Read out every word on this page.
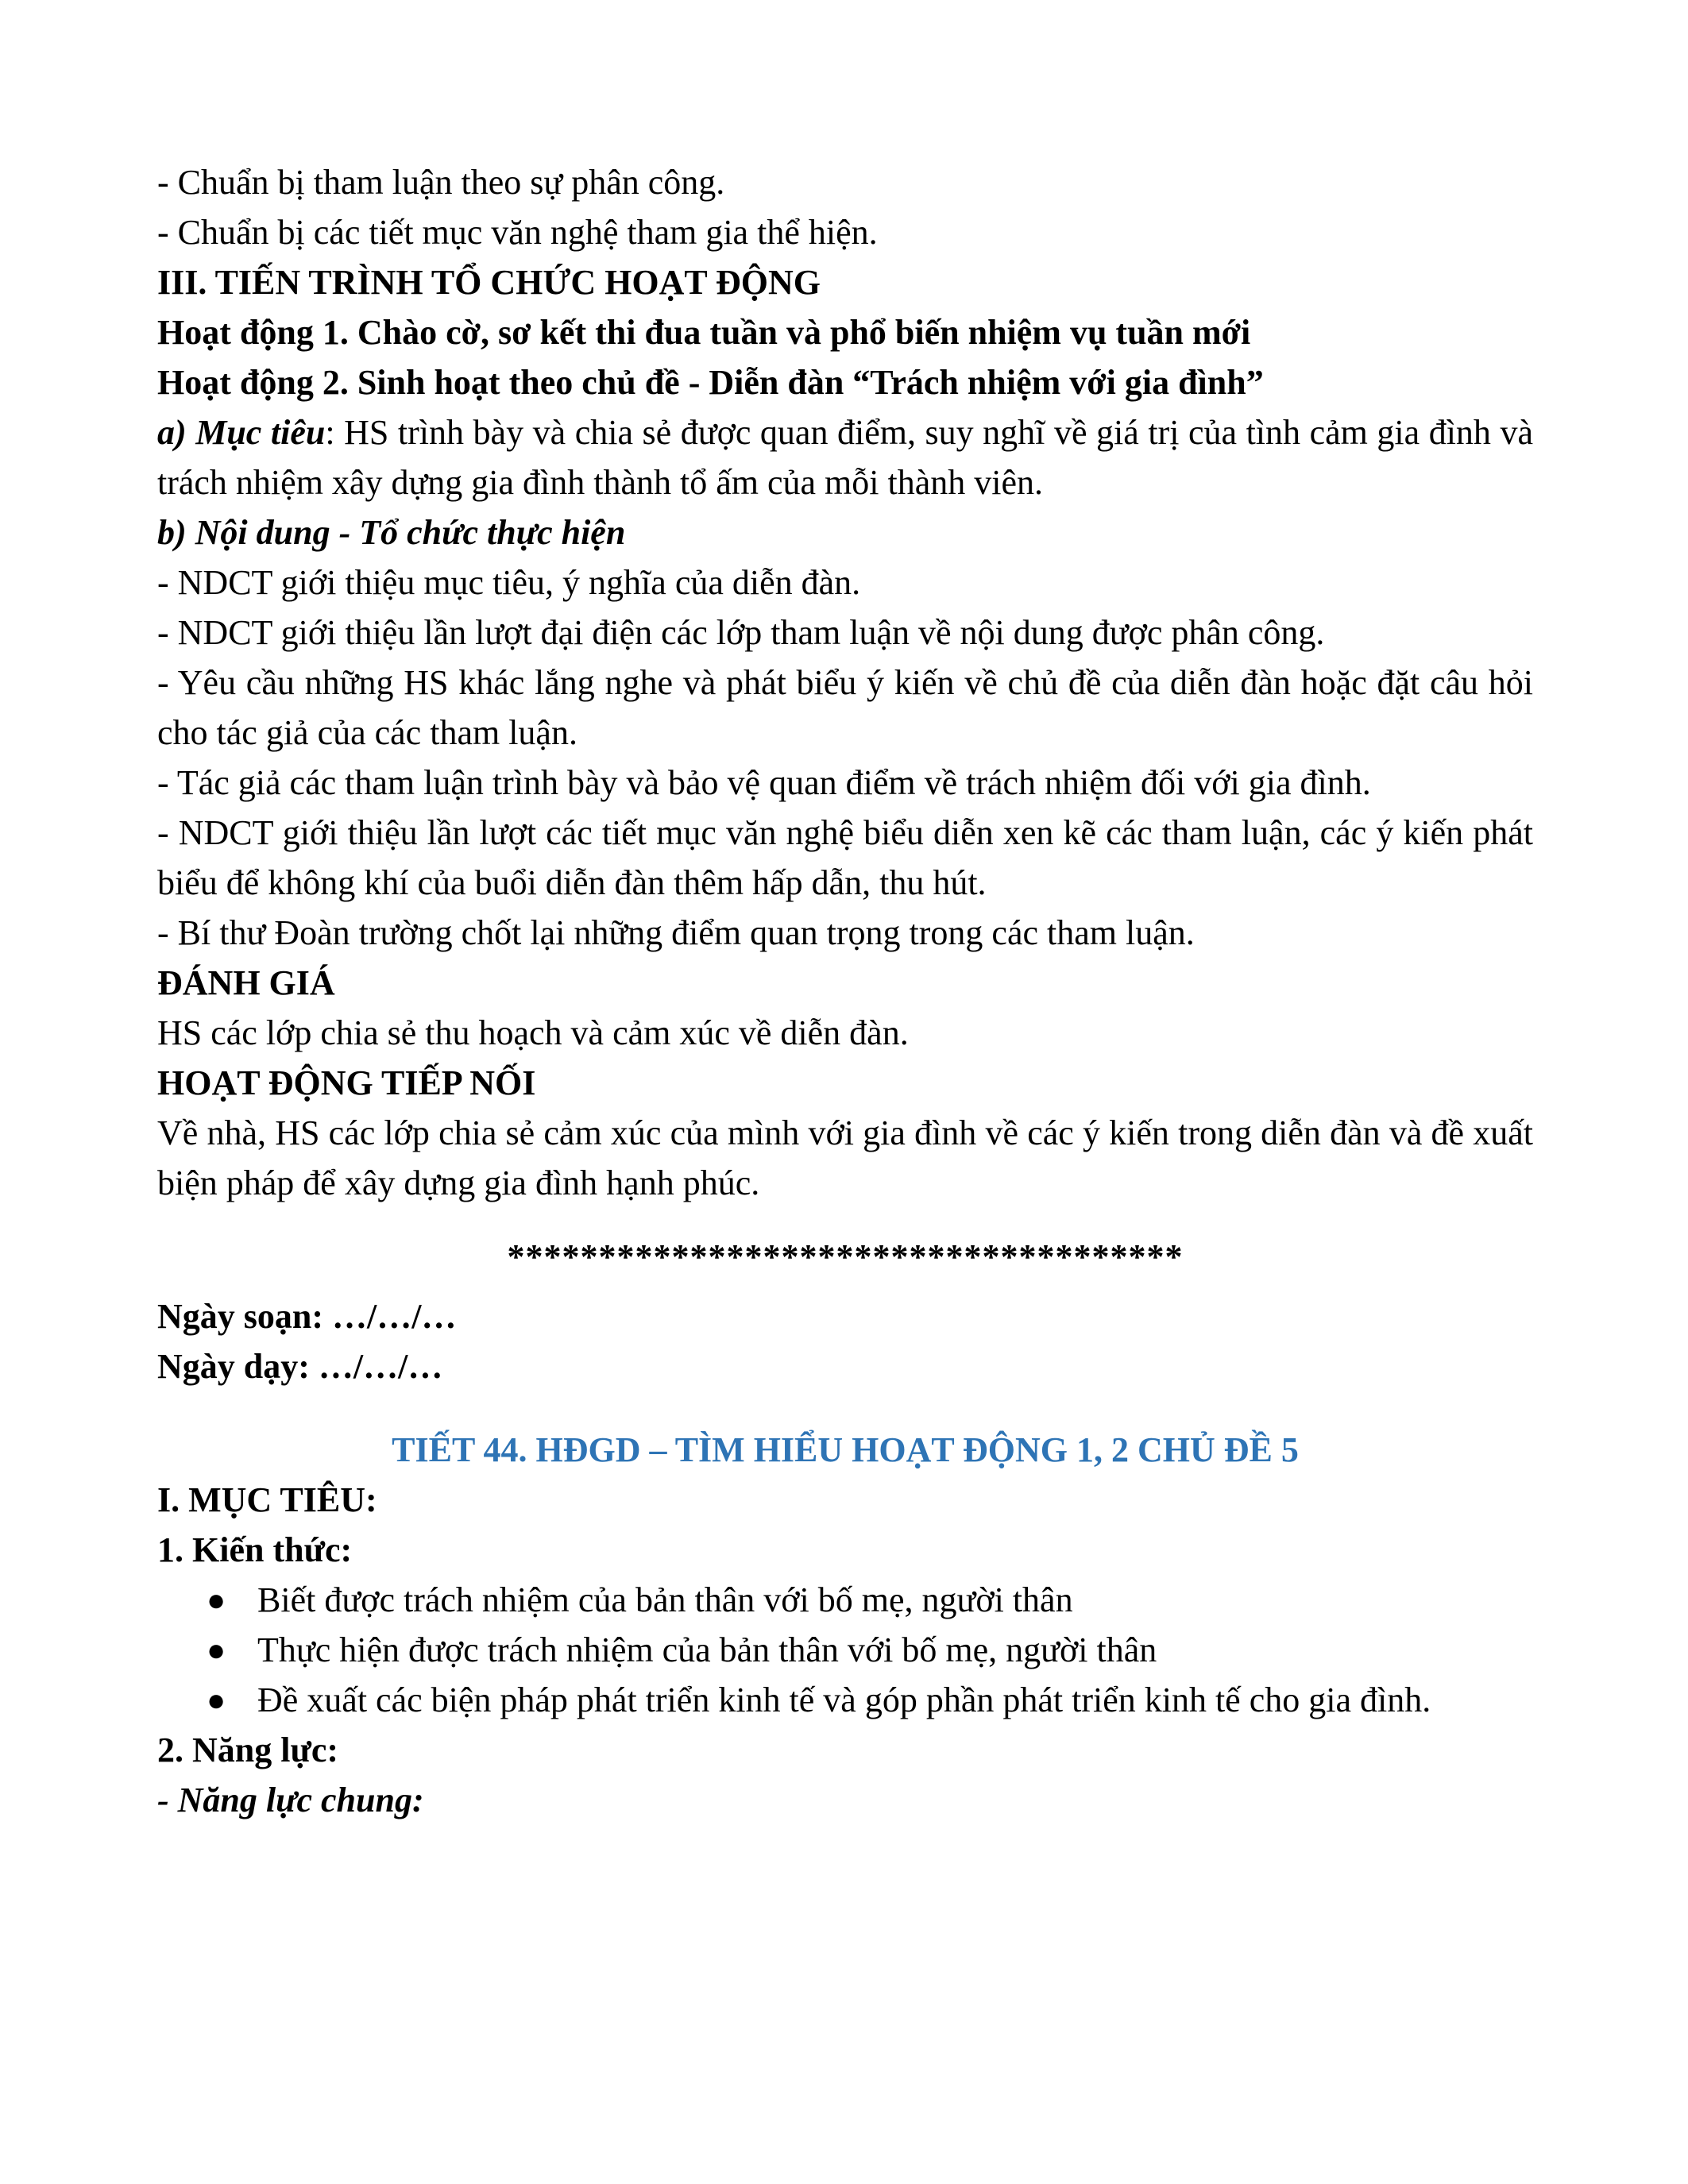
- Chuẩn bị tham luận theo sự phân công.

- Chuẩn bị các tiết mục văn nghệ tham gia thể hiện.

III. TIẾN TRÌNH TỔ CHỨC HOẠT ĐỘNG

Hoạt động 1. Chào cờ, sơ kết thi đua tuần và phổ biến nhiệm vụ tuần mới

Hoạt động 2. Sinh hoạt theo chủ đề - Diễn đàn “Trách nhiệm với gia đình”

a) Mục tiêu: HS trình bày và chia sẻ được quan điểm, suy nghĩ về giá trị của tình cảm gia đình và trách nhiệm xây dựng gia đình thành tổ ấm của mỗi thành viên.

b) Nội dung - Tổ chức thực hiện

- NDCT giới thiệu mục tiêu, ý nghĩa của diễn đàn.

- NDCT giới thiệu lần lượt đại điện các lớp tham luận về nội dung được phân công.

- Yêu cầu những HS khác lắng nghe và phát biểu ý kiến về chủ đề của diễn đàn hoặc đặt câu hỏi cho tác giả của các tham luận.

- Tác giả các tham luận trình bày và bảo vệ quan điểm về trách nhiệm đối với gia đình.

- NDCT giới thiệu lần lượt các tiết mục văn nghệ biểu diễn xen kẽ các tham luận, các ý kiến phát biểu để không khí của buổi diễn đàn thêm hấp dẫn, thu hút.

- Bí thư Đoàn trường chốt lại những điểm quan trọng trong các tham luận.

ĐÁNH GIÁ

HS các lớp chia sẻ thu hoạch và cảm xúc về diễn đàn.

HOẠT ĐỘNG TIẾP NỐI

Về nhà, HS các lớp chia sẻ cảm xúc của mình với gia đình về các ý kiến trong diễn đàn và đề xuất biện pháp để xây dựng gia đình hạnh phúc.

*************************************

Ngày soạn: …/…/…

Ngày dạy: …/…/…

TIẾT 44. HĐGD – TÌM HIỂU HOẠT ĐỘNG 1, 2 CHỦ ĐỀ 5

I. MỤC TIÊU:

1. Kiến thức:

● Biết được trách nhiệm của bản thân với bố mẹ, người thân
● Thực hiện được trách nhiệm của bản thân với bố mẹ, người thân
● Đề xuất các biện pháp phát triển kinh tế và góp phần phát triển kinh tế cho gia đình.

2. Năng lực:

- Năng lực chung:
